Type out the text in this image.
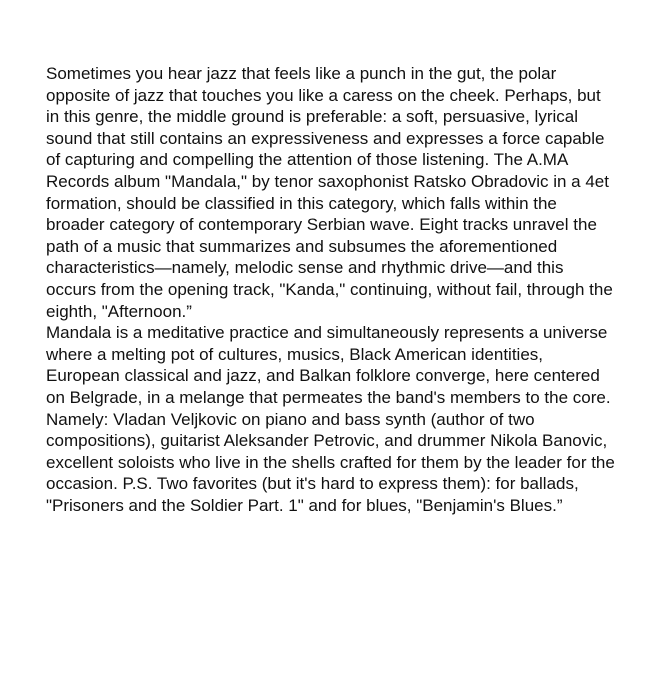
Sometimes you hear jazz that feels like a punch in the gut, the polar opposite of jazz that touches you like a caress on the cheek. Perhaps, but in this genre, the middle ground is preferable: a soft, persuasive, lyrical sound that still contains an expressiveness and expresses a force capable of capturing and compelling the attention of those listening. The A.MA Records album "Mandala," by tenor saxophonist Ratsko Obradovic in a 4et formation, should be classified in this category, which falls within the broader category of contemporary Serbian wave. Eight tracks unravel the path of a music that summarizes and subsumes the aforementioned characteristics—namely, melodic sense and rhythmic drive—and this occurs from the opening track, "Kanda," continuing, without fail, through the eighth, "Afternoon.”

Mandala is a meditative practice and simultaneously represents a universe where a melting pot of cultures, musics, Black American identities, European classical and jazz, and Balkan folklore converge, here centered on Belgrade, in a melange that permeates the band's members to the core. Namely: Vladan Veljkovic on piano and bass synth (author of two compositions), guitarist Aleksander Petrovic, and drummer Nikola Banovic, excellent soloists who live in the shells crafted for them by the leader for the occasion. P.S. Two favorites (but it's hard to express them): for ballads, "Prisoners and the Soldier Part. 1" and for blues, "Benjamin's Blues.”
